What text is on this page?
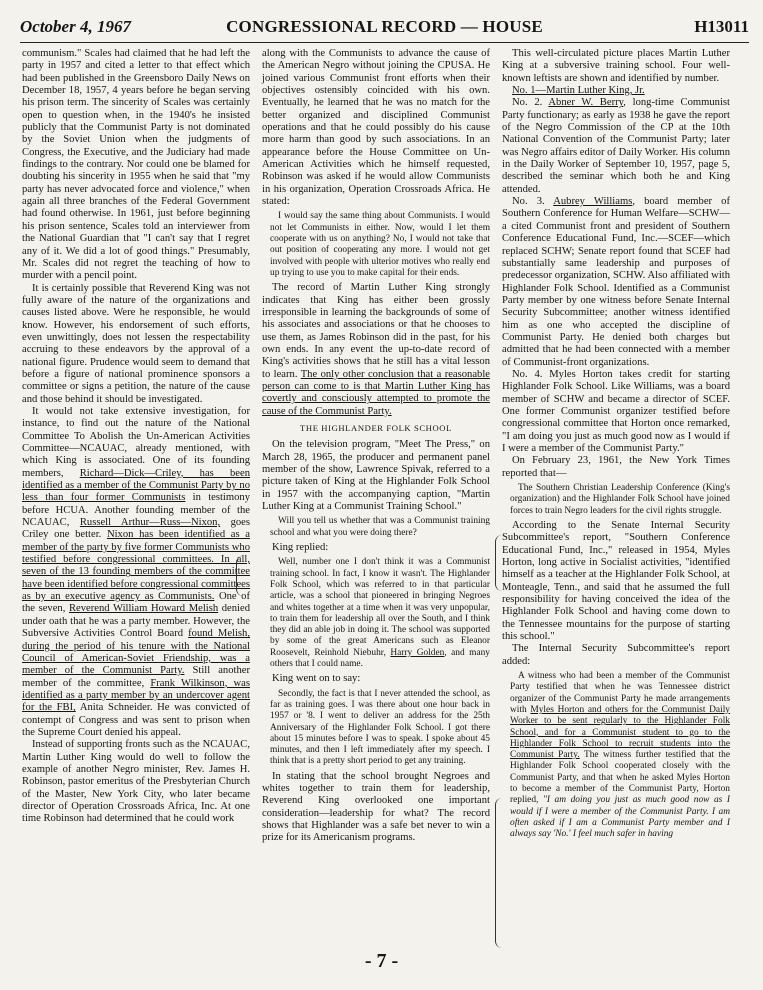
October 4, 1967	CONGRESSIONAL RECORD — HOUSE	H13011

communism." Scales had claimed that he had left the party in 1957 and cited a letter to that effect which had been published in the Greensboro Daily News on December 18, 1957, 4 years before he began serving his prison term. The sincerity of Scales was certainly open to question when, in the 1940's he insisted publicly that the Communist Party is not dominated by the Soviet Union when the judgments of Congress, the Executive, and the Judiciary had made findings to the contrary. Nor could one be blamed for doubting his sincerity in 1955 when he said that "my party has never advocated force and violence," when again all three branches of the Federal Government had found otherwise. In 1961, just before beginning his prison sentence, Scales told an interviewer from the National Guardian that "I can't say that I regret any of it. We did a lot of good things." Presumably, Mr. Scales did not regret the teaching of how to murder with a pencil point.

It is certainly possible that Reverend King was not fully aware of the nature of the organizations and causes listed above. Were he responsible, he would know. However, his endorsement of such efforts, even unwittingly, does not lessen the respectability accruing to these endeavors by the approval of a national figure. Prudence would seem to demand that before a figure of national prominence sponsors a committee or signs a petition, the nature of the cause and those behind it should be investigated.

It would not take extensive investigation, for instance, to find out the nature of the National Committee To Abolish the Un-American Activities Committee—NCAUAC, already mentioned, with which King is associated. One of its founding members, Richard—Dick—Criley, has been identified as a member of the Communist Party by no less than four former Communists in testimony before HCUA. Another founding member of the NCAUAC, Russell Arthur—Russ—Nixon, goes Criley one better. Nixon has been identified as a member of the party by five former Communists who testified before congressional committees. In all, seven of the 13 founding members of the committee have been identified before congressional committees as by an executive agency as Communists. One of the seven, Reverend William Howard Melish denied under oath that he was a party member. However, the Subversive Activities Control Board found Melish, during the period of his tenure with the National Council of American-Soviet Friendship, was a member of the Communist Party. Still another member of the committee, Frank Wilkinson, was identified as a party member by an undercover agent for the FBI, Anita Schneider. He was convicted of contempt of Congress and was sent to prison when the Supreme Court denied his appeal.

Instead of supporting fronts such as the NCAUAC, Martin Luther King would do well to follow the example of another Negro minister, Rev. James H. Robinson, pastor emeritus of the Presbyterian Church of the Master, New York City, who later became director of Operation Crossroads Africa, Inc. At one time Robinson had determined that he could work

along with the Communists to advance the cause of the American Negro without joining the CPUSA. He joined various Communist front efforts when their objectives ostensibly coincided with his own. Eventually, he learned that he was no match for the better organized and disciplined Communist operations and that he could possibly do his cause more harm than good by such associations. In an appearance before the House Committee on Un-American Activities which he himself requested, Robinson was asked if he would allow Communists in his organization, Operation Crossroads Africa. He stated:

I would say the same thing about Communists. I would not let Communists in either. Now, would I let them cooperate with us on anything? No, I would not take that out position of cooperating any more. I would not get involved with people with ulterior motives who really end up trying to use you to make capital for their ends.

The record of Martin Luther King strongly indicates that King has either been grossly irresponsible in learning the backgrounds of some of his associates and associations or that he chooses to use them, as James Robinson did in the past, for his own ends. In any event the up-to-date record of King's activities shows that he still has a vital lesson to learn. The only other conclusion that a reasonable person can come to is that Martin Luther King has covertly and consciously attempted to promote the cause of the Communist Party.

THE HIGHLANDER FOLK SCHOOL

On the television program, "Meet The Press," on March 28, 1965, the producer and permanent panel member of the show, Lawrence Spivak, referred to a picture taken of King at the Highlander Folk School in 1957 with the accompanying caption, "Martin Luther King at a Communist Training School."

Will you tell us whether that was a Communist training school and what you were doing there?

King replied:

Well, number one I don't think it was a Communist training school. In fact, I know it wasn't. The Highlander Folk School, which was referred to in that particular article, was a school that pioneered in bringing Negroes and whites together at a time when it was very unpopular, to train them for leadership all over the South, and I think they did an able job in doing it. The school was supported by some of the great Americans such as Eleanor Roosevelt, Reinhold Niebuhr, Harry Golden, and many others that I could name.

King went on to say:

Secondly, the fact is that I never attended the school, as far as training goes. I was there about one hour back in 1957 or '8. I went to deliver an address for the 25th Anniversary of the Highlander Folk School. I got there about 15 minutes before I was to speak. I spoke about 45 minutes, and then I left immediately after my speech. I think that is a pretty short period to get any training.

In stating that the school brought Negroes and whites together to train them for leadership, Reverend King overlooked one important consideration—leadership for what? The record shows that Highlander was a safe bet never to win a prize for its Americanism programs.

This well-circulated picture places Martin Luther King at a subversive training school. Four well-known leftists are shown and identified by number.

No. 1—Martin Luther King, Jr.

No. 2. Abner W. Berry, long-time Communist Party functionary; as early as 1938 he gave the report of the Negro Commission of the CP at the 10th National Convention of the Communist Party; later was Negro affairs editor of Daily Worker. His column in the Daily Worker of September 10, 1957, page 5, described the seminar which both he and King attended.

No. 3. Aubrey Williams, board member of Southern Conference for Human Welfare—SCHW—a cited Communist front and president of Southern Conference Educational Fund, Inc.—SCEF—which replaced SCHW; Senate report found that SCEF had substantially same leadership and purposes of predecessor organization, SCHW. Also affiliated with Highlander Folk School. Identified as a Communist Party member by one witness before Senate Internal Security Subcommittee; another witness identified him as one who accepted the discipline of Communist Party. He denied both charges but admitted that he had been connected with a member of Communist-front organizations.

No. 4. Myles Horton takes credit for starting Highlander Folk School. Like Williams, was a board member of SCHW and became a director of SCEF. One former Communist organizer testified before congressional committee that Horton once remarked, "I am doing you just as much good now as I would if I were a member of the Communist Party."

On February 23, 1961, the New York Times reported that—

The Southern Christian Leadership Conference (King's organization) and the Highlander Folk School have joined forces to train Negro leaders for the civil rights struggle.

According to the Senate Internal Security Subcommittee's report, "Southern Conference Educational Fund, Inc.," released in 1954, Myles Horton, long active in Socialist activities, "identified himself as a teacher at the Highlander Folk School, at Monteagle, Tenn., and said that he assumed the full responsibility for having conceived the idea of the Highlander Folk School and having come down to the Tennessee mountains for the purpose of starting this school."

The Internal Security Subcommittee's report added:

A witness who had been a member of the Communist Party testified that when he was Tennessee district organizer of the Communist Party he made arrangements with Myles Horton and others for the Communist Daily Worker to be sent regularly to the Highlander Folk School, and for a Communist student to go to the Highlander Folk School to recruit students into the Communist Party. The witness further testified that the Highlander Folk School cooperated closely with the Communist Party, and that when he asked Myles Horton to become a member of the Communist Party, Horton replied, "I am doing you just as much good now as I would if I were a member of the Communist Party. I am often asked if I am a Communist Party member and I always say 'No.' I feel much safer in having

- 7 -
